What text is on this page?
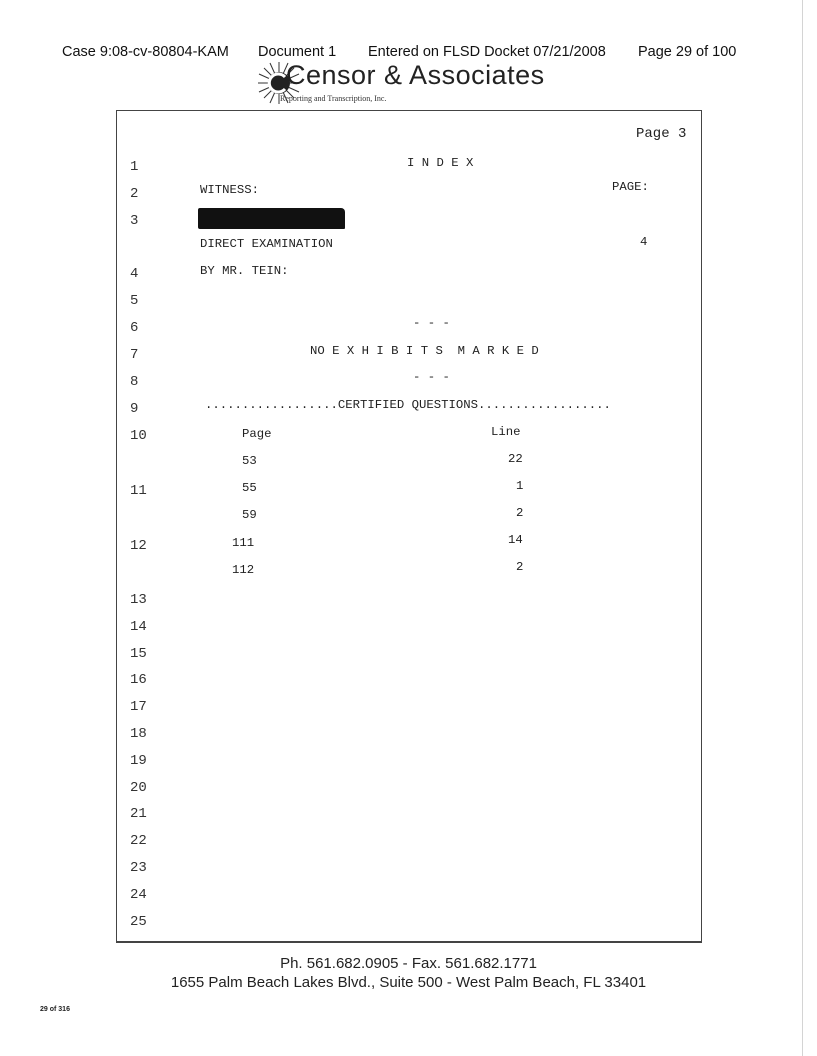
Case 9:08-cv-80804-KAM Document 1 Entered on FLSD Docket 07/21/2008 Page 29 of 100
Censor & Associates
Reporting and Transcription, Inc.
Page 3
1
2
3
4
5
6
7
8
9
10
11
12
13
14
15
16
17
18
19
20
21
22
23
24
25
I N D E X
WITNESS:	PAGE:
DIRECT EXAMINATION	4
BY MR. TEIN:
- - -
NO E X H I B I T S  M A R K E D
- - -
..................CERTIFIED QUESTIONS..................
Page	Line
53	22
55	1
59	2
111	14
112	2
Ph. 561.682.0905 - Fax. 561.682.1771
1655 Palm Beach Lakes Blvd., Suite 500 - West Palm Beach, FL 33401
29 of 316
